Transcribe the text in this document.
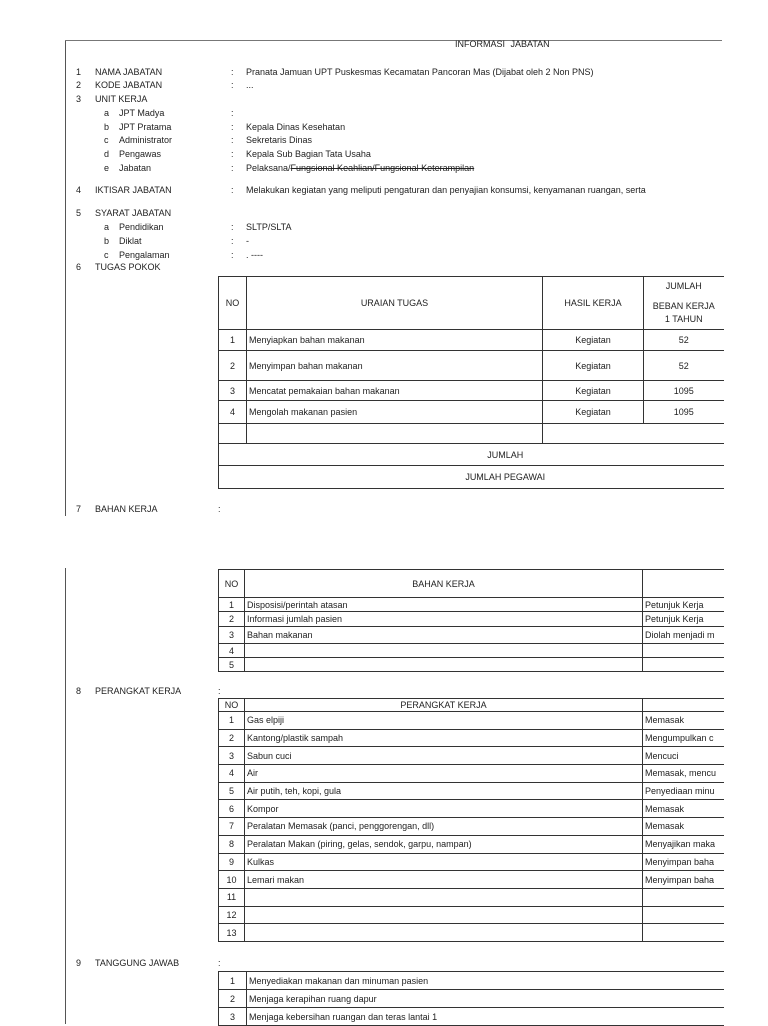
INFORMASI JABATAN
1 NAMA JABATAN	: Pranata Jamuan UPT Puskesmas Kecamatan Pancoran Mas (Dijabat oleh 2 Non PNS)
2 KODE JABATAN	: ...
3 UNIT KERJA
a JPT Madya	:
b JPT Pratama	: Kepala Dinas Kesehatan
c Administrator	: Sekretaris Dinas
d Pengawas	: Kepala Sub Bagian Tata Usaha
e Jabatan	: Pelaksana/Fungsional Keahlian/Fungsional Keterampilan
4 IKTISAR JABATAN	: Melakukan kegiatan yang meliputi pengaturan dan penyajian konsumsi, kenyamanan ruangan, serta
5 SYARAT JABATAN
a Pendidikan	: SLTP/SLTA
b Diklat	: -
c Pengalaman	: . ----
6 TUGAS POKOK
NO	URAIAN TUGAS	HASIL KERJA	JUMLAH
BEBAN KERJA
1 TAHUN

1	Menyiapkan bahan makanan	Kegiatan	52
2	Menyimpan bahan makanan	Kegiatan	52
3	Mencatat pemakaian bahan makanan	Kegiatan	1095
4	Mengolah makanan pasien	Kegiatan	1095

JUMLAH			
JUMLAH PEGAWAI			
7 BAHAN KERJA	:
NO	BAHAN KERJA	
1	Disposisi/perintah atasan	Petunjuk Kerja
2	Informasi jumlah pasien	Petunjuk Kerja
3	Bahan makanan	Diolah menjadi m
4		
5		
8 PERANGKAT KERJA	:
NO	PERANGKAT KERJA	
1	Gas elpiji	Memasak
2	Kantong/plastik sampah	Mengumpulkan c
3	Sabun cuci	Mencuci
4	Air	Memasak, mencu
5	Air putih, teh, kopi, gula	Penyediaan minu
6	Kompor	Memasak
7	Peralatan Memasak (panci, penggorengan, dll)	Memasak
8	Peralatan Makan (piring, gelas, sendok, garpu, nampan)	Menyajikan maka
9	Kulkas	Menyimpan baha
10	Lemari makan	Menyimpan baha
11		
12		
13		
9 TANGGUNG JAWAB	:
1	Menyediakan makanan dan minuman pasien
2	Menjaga kerapihan ruang dapur
3	Menjaga kebersihan ruangan dan teras lantai 1
